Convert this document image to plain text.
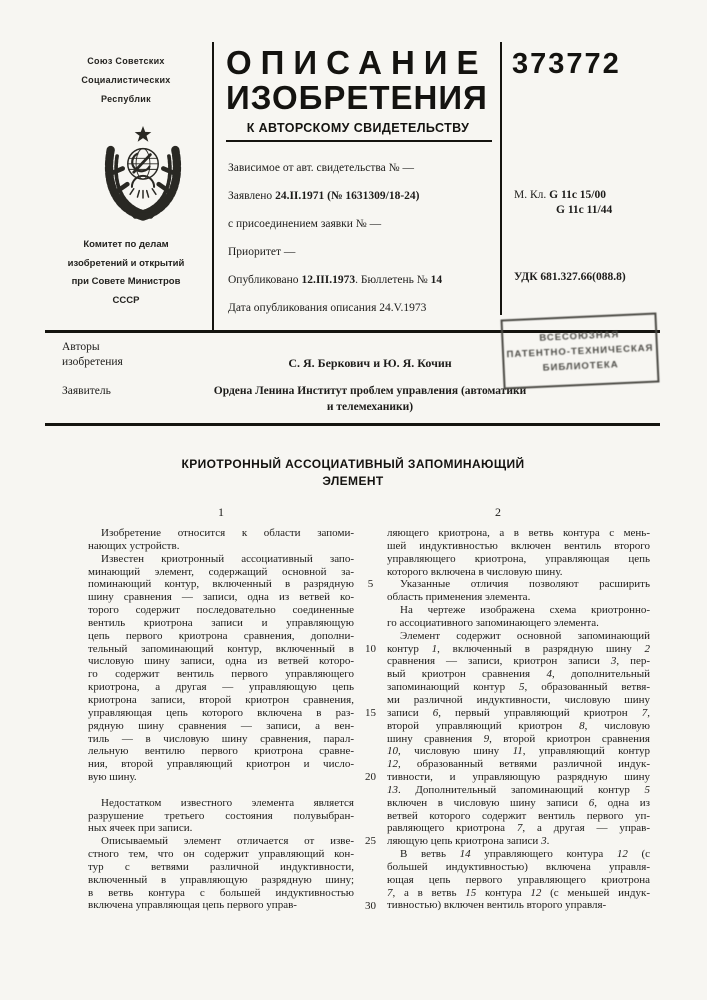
Союз Советских
Социалистических
Республик
Комитет по делам
изобретений и открытий
при Совете Министров
СССР
ОПИСАНИЕ
ИЗОБРЕТЕНИЯ
К АВТОРСКОМУ СВИДЕТЕЛЬСТВУ
Зависимое от авт. свидетельства № —
Заявлено 24.II.1971 (№ 1631309/18-24)
с присоединением заявки № —
Приоритет —
Опубликовано 12.III.1973. Бюллетень № 14
Дата опубликования описания 24.V.1973
373772
М. Кл. G 11c 15/00
G 11c 11/44
УДК 681.327.66(088.8)
ВСЕСОЮЗНАЯ
ПАТЕНТНО-ТЕХНИЧЕСКАЯ
БИБЛИОТЕКА
Авторы
изобретения	С. Я. Беркович и Ю. Я. Кочин
Заявитель	Ордена Ленина Институт проблем управления (автоматики
и телемеханики)
КРИОТРОННЫЙ АССОЦИАТИВНЫЙ ЗАПОМИНАЮЩИЙ
ЭЛЕМЕНТ
1	2
Изобретение относится к области запоми-
нающих устройств.
Известен криотронный ассоциативный запо-
минающий элемент, содержащий основной за-
поминающий контур, включенный в разрядную
шину сравнения — записи, одна из ветвей ко-
торого содержит последовательно соединенные
вентиль криотрона записи и управляющую
цепь первого криотрона сравнения, дополни-
тельный запоминающий контур, включенный в
числовую шину записи, одна из ветвей которо-
го содержит вентиль первого управляющего
криотрона, а другая — управляющую цепь
криотрона записи, второй криотрон сравнения,
управляющая цепь которого включена в раз-
рядную шину сравнения — записи, а вен-
тиль — в числовую шину сравнения, парал-
лельную вентилю первого криотрона сравне-
ния, второй управляющий криотрон и число-
вую шину.
Недостатком известного элемента является
разрушение третьего состояния полувыбран-
ных ячеек при записи.
Описываемый элемент отличается от изве-
стного тем, что он содержит управляющий кон-
тур с ветвями различной индуктивности,
включенный в управляющую разрядную шину;
в ветвь контура с большей индуктивностью
включена управляющая цепь первого управ-
5
10
15
20
25
30
ляющего криотрона, а в ветвь контура с мень-
шей индуктивностью включен вентиль второго
управляющего криотрона, управляющая цепь
которого включена в числовую шину.
Указанные отличия позволяют расширить
область применения элемента.
На чертеже изображена схема криотронно-
го ассоциативного запоминающего элемента.
Элемент содержит основной запоминающий
контур 1, включенный в разрядную шину 2
сравнения — записи, криотрон записи 3, пер-
вый криотрон сравнения 4, дополнительный
запоминающий контур 5, образованный ветвя-
ми различной индуктивности, числовую шину
записи 6, первый управляющий криотрон 7,
второй управляющий криотрон 8, числовую
шину сравнения 9, второй криотрон сравнения
10, числовую шину 11, управляющий контур
12, образованный ветвями различной индук-
тивности, и управляющую разрядную шину
13. Дополнительный запоминающий контур 5
включен в числовую шину записи 6, одна из
ветвей которого содержит вентиль первого уп-
равляющего криотрона 7, а другая — управ-
ляющую цепь криотрона записи 3.
В ветвь 14 управляющего контура 12 (с
большей индуктивностью) включена управля-
ющая цепь первого управляющего криотрона
7, а в ветвь 15 контура 12 (с меньшей индук-
тивностью) включен вентиль второго управля-
